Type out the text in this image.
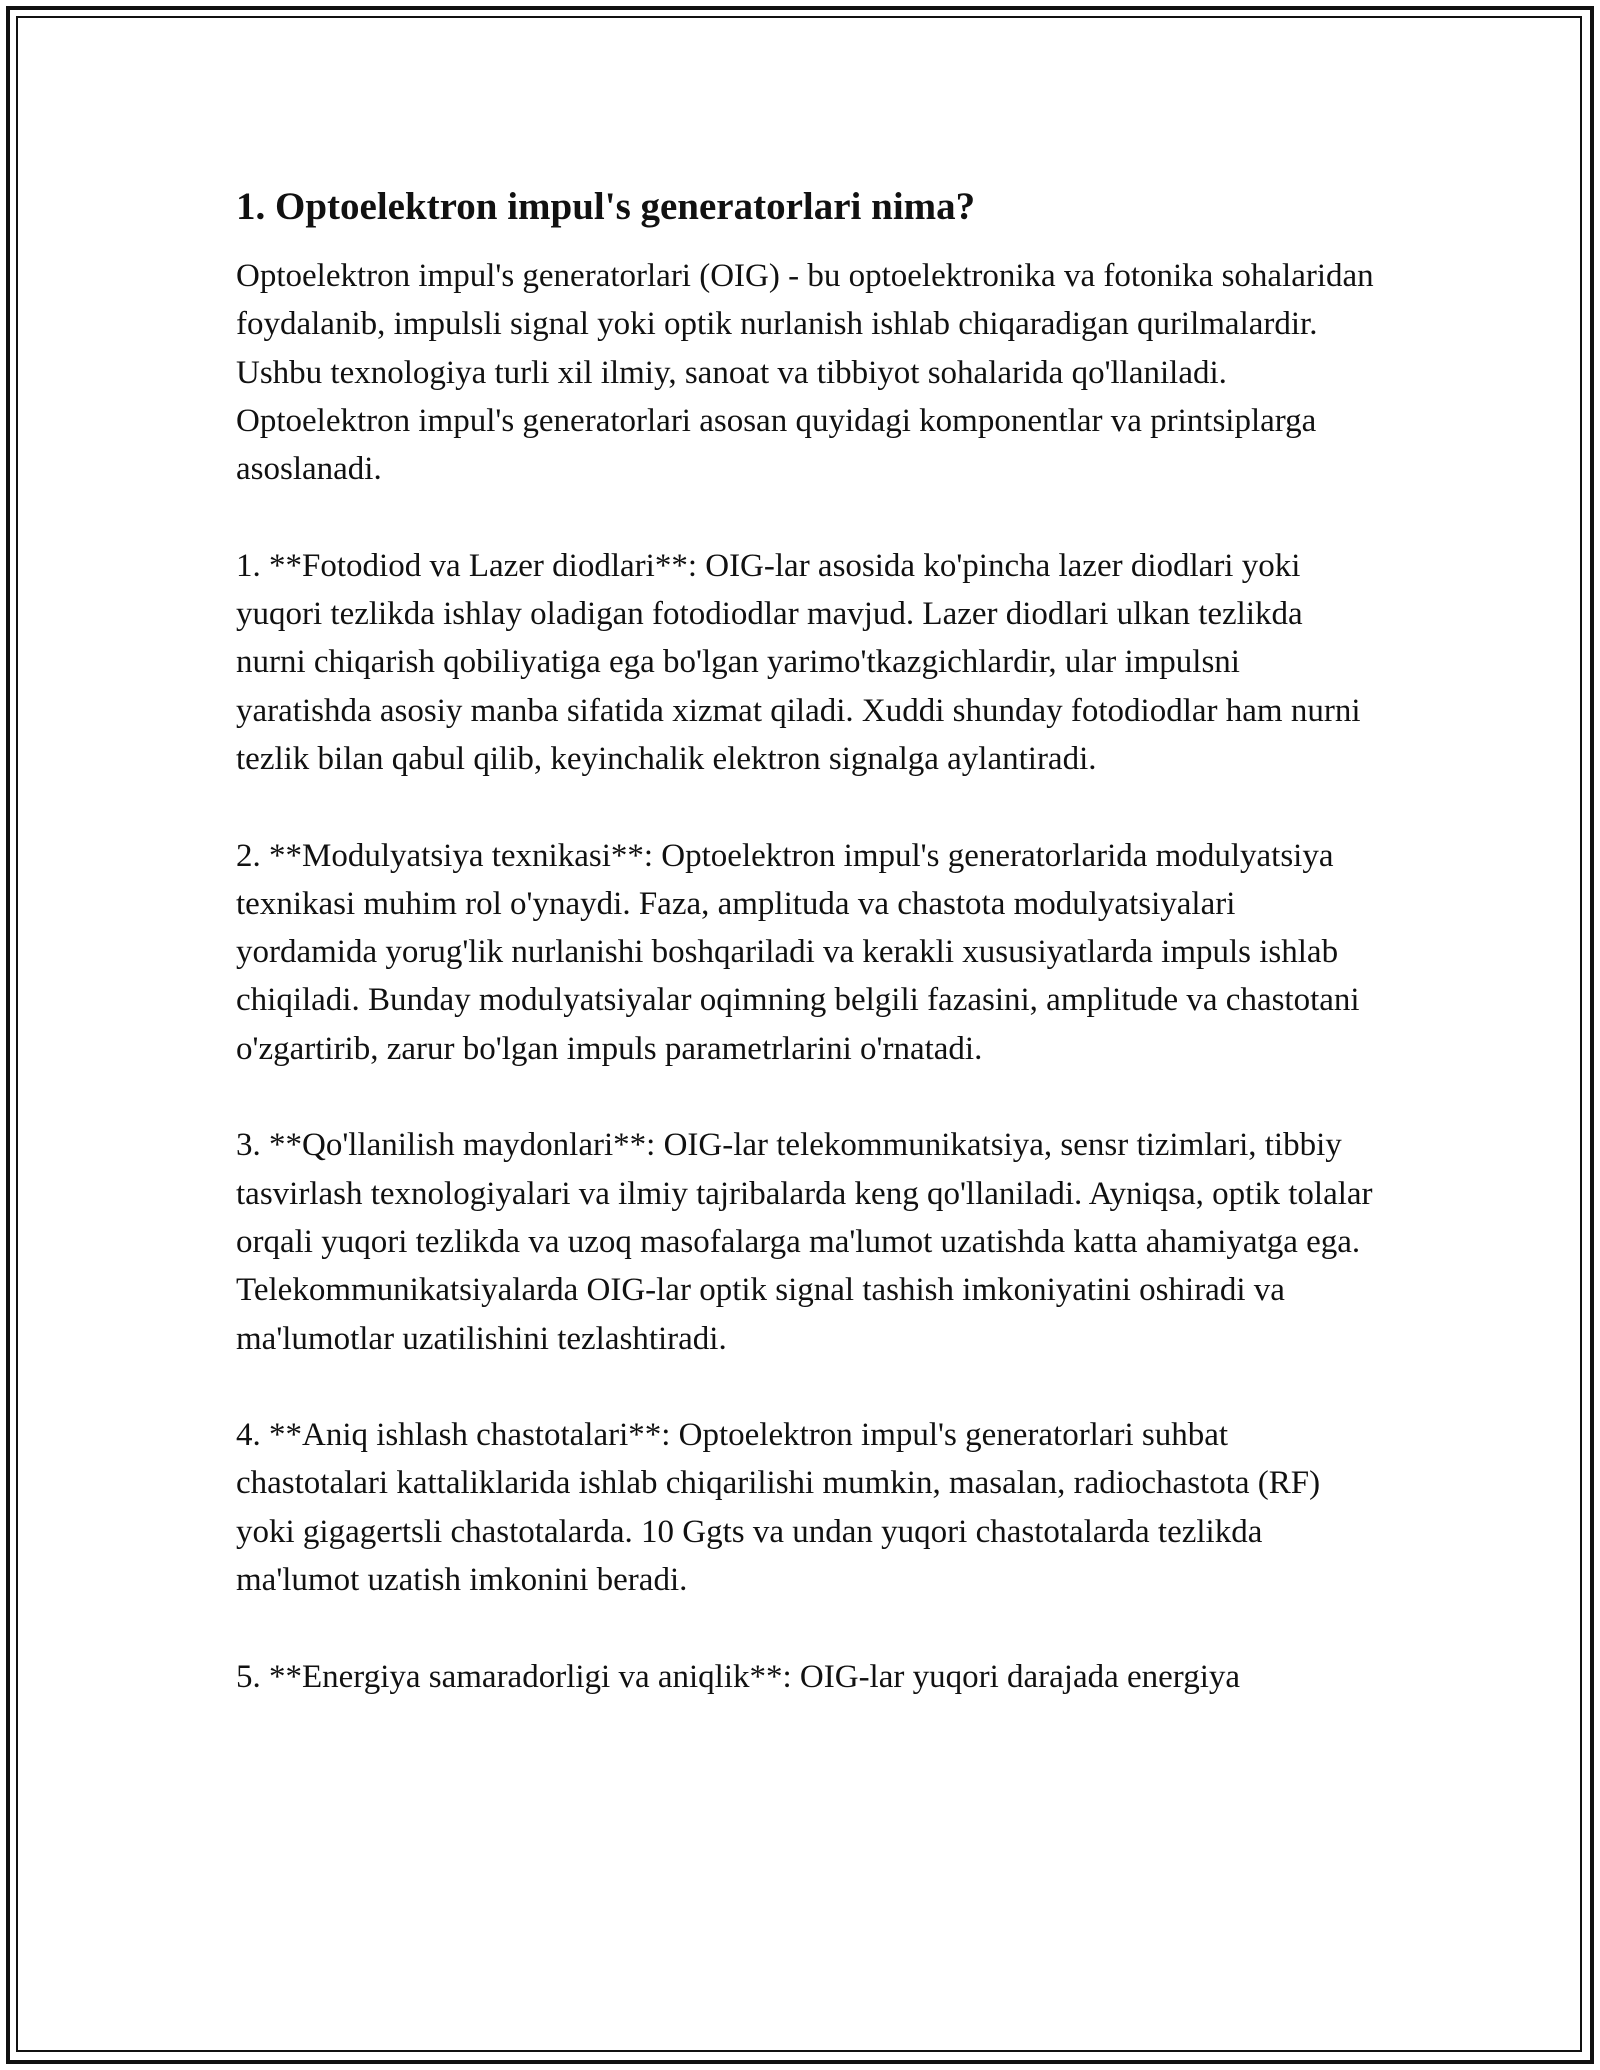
1. Optoelektron impul's generatorlari nima?

Optoelektron impul's generatorlari (OIG) - bu optoelektronika va fotonika sohalaridan foydalanib, impulsli signal yoki optik nurlanish ishlab chiqaradigan qurilmalardir. Ushbu texnologiya turli xil ilmiy, sanoat va tibbiyot sohalarida qo'llaniladi. Optoelektron impul's generatorlari asosan quyidagi komponentlar va printsiplarga asoslanadi.

1. **Fotodiod va Lazer diodlari**: OIG-lar asosida ko'pincha lazer diodlari yoki yuqori tezlikda ishlay oladigan fotodiodlar mavjud. Lazer diodlari ulkan tezlikda nurni chiqarish qobiliyatiga ega bo'lgan yarimo'tkazgichlardir, ular impulsni yaratishda asosiy manba sifatida xizmat qiladi. Xuddi shunday fotodiodlar ham nurni tezlik bilan qabul qilib, keyinchalik elektron signalga aylantiradi.

2. **Modulyatsiya texnikasi**: Optoelektron impul's generatorlarida modulyatsiya texnikasi muhim rol o'ynaydi. Faza, amplituda va chastota modulyatsiyalari yordamida yorug'lik nurlanishi boshqariladi va kerakli xususiyatlarda impuls ishlab chiqiladi. Bunday modulyatsiyalar oqimning belgili fazasini, amplitude va chastotani o'zgartirib, zarur bo'lgan impuls parametrlarini o'rnatadi.

3. **Qo'llanilish maydonlari**: OIG-lar telekommunikatsiya, sensr tizimlari, tibbiy tasvirlash texnologiyalari va ilmiy tajribalarda keng qo'llaniladi. Ayniqsa, optik tolalar orqali yuqori tezlikda va uzoq masofalarga ma'lumot uzatishda katta ahamiyatga ega. Telekommunikatsiyalarda OIG-lar optik signal tashish imkoniyatini oshiradi va ma'lumotlar uzatilishini tezlashtiradi.

4. **Aniq ishlash chastotalari**: Optoelektron impul's generatorlari suhbat chastotalari kattaliklarida ishlab chiqarilishi mumkin, masalan, radiochastota (RF) yoki gigagertsli chastotalarda. 10 Ggts va undan yuqori chastotalarda tezlikda ma'lumot uzatish imkonini beradi.

5. **Energiya samaradorligi va aniqlik**: OIG-lar yuqori darajada energiya
